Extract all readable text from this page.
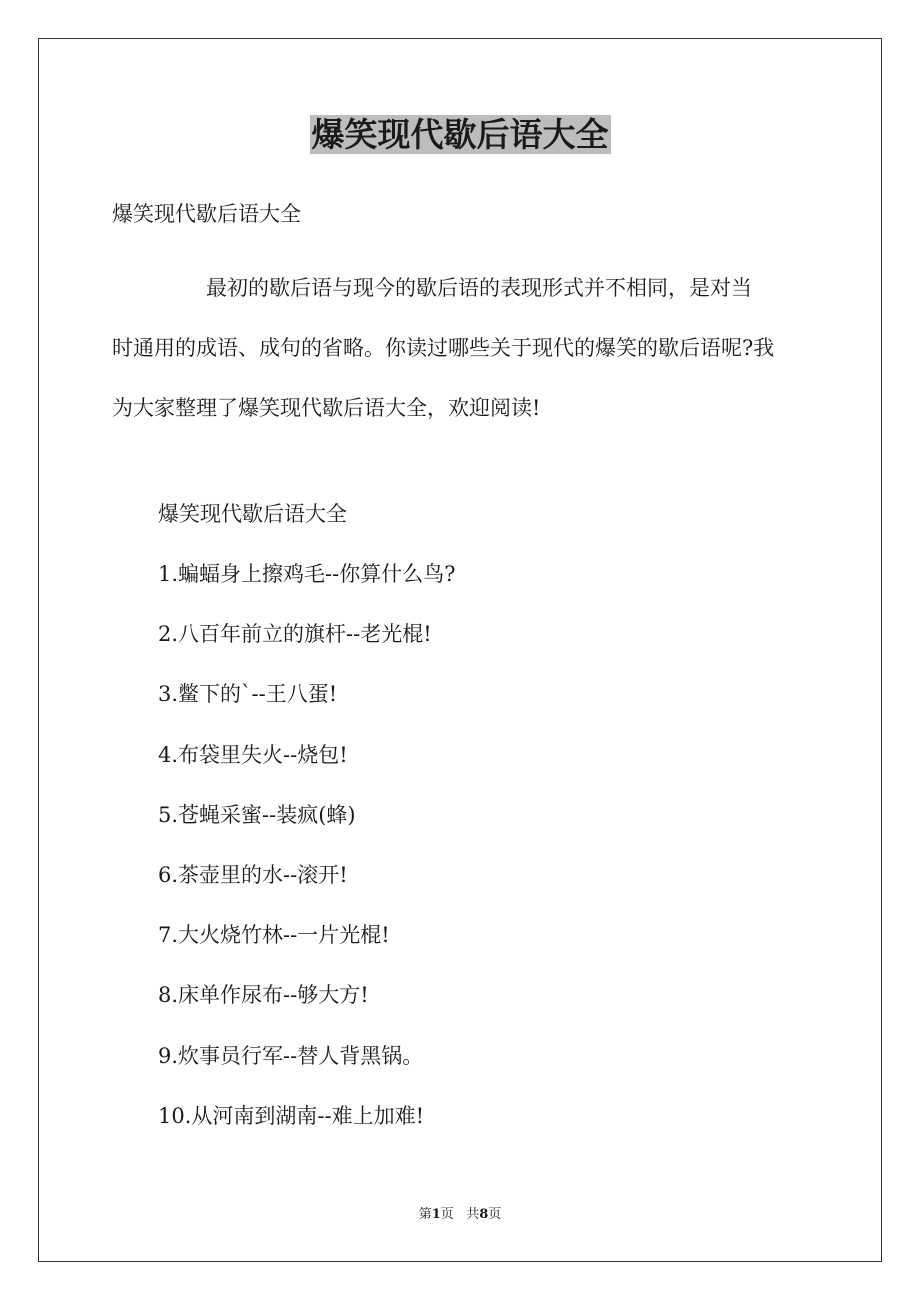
爆笑现代歇后语大全

爆笑现代歇后语大全

最初的歇后语与现今的歇后语的表现形式并不相同，是对当
时通用的成语、成句的省略。你读过哪些关于现代的爆笑的歇后语呢?我
为大家整理了爆笑现代歇后语大全，欢迎阅读!

爆笑现代歇后语大全

1.蝙蝠身上擦鸡毛--你算什么鸟?
2.八百年前立的旗杆--老光棍!
3.鳖下的`--王八蛋!
4.布袋里失火--烧包!
5.苍蝇采蜜--装疯(蜂)
6.茶壶里的水--滚开!
7.大火烧竹林--一片光棍!
8.床单作尿布--够大方!
9.炊事员行军--替人背黑锅。
10.从河南到湖南--难上加难!
第1页 共8页
